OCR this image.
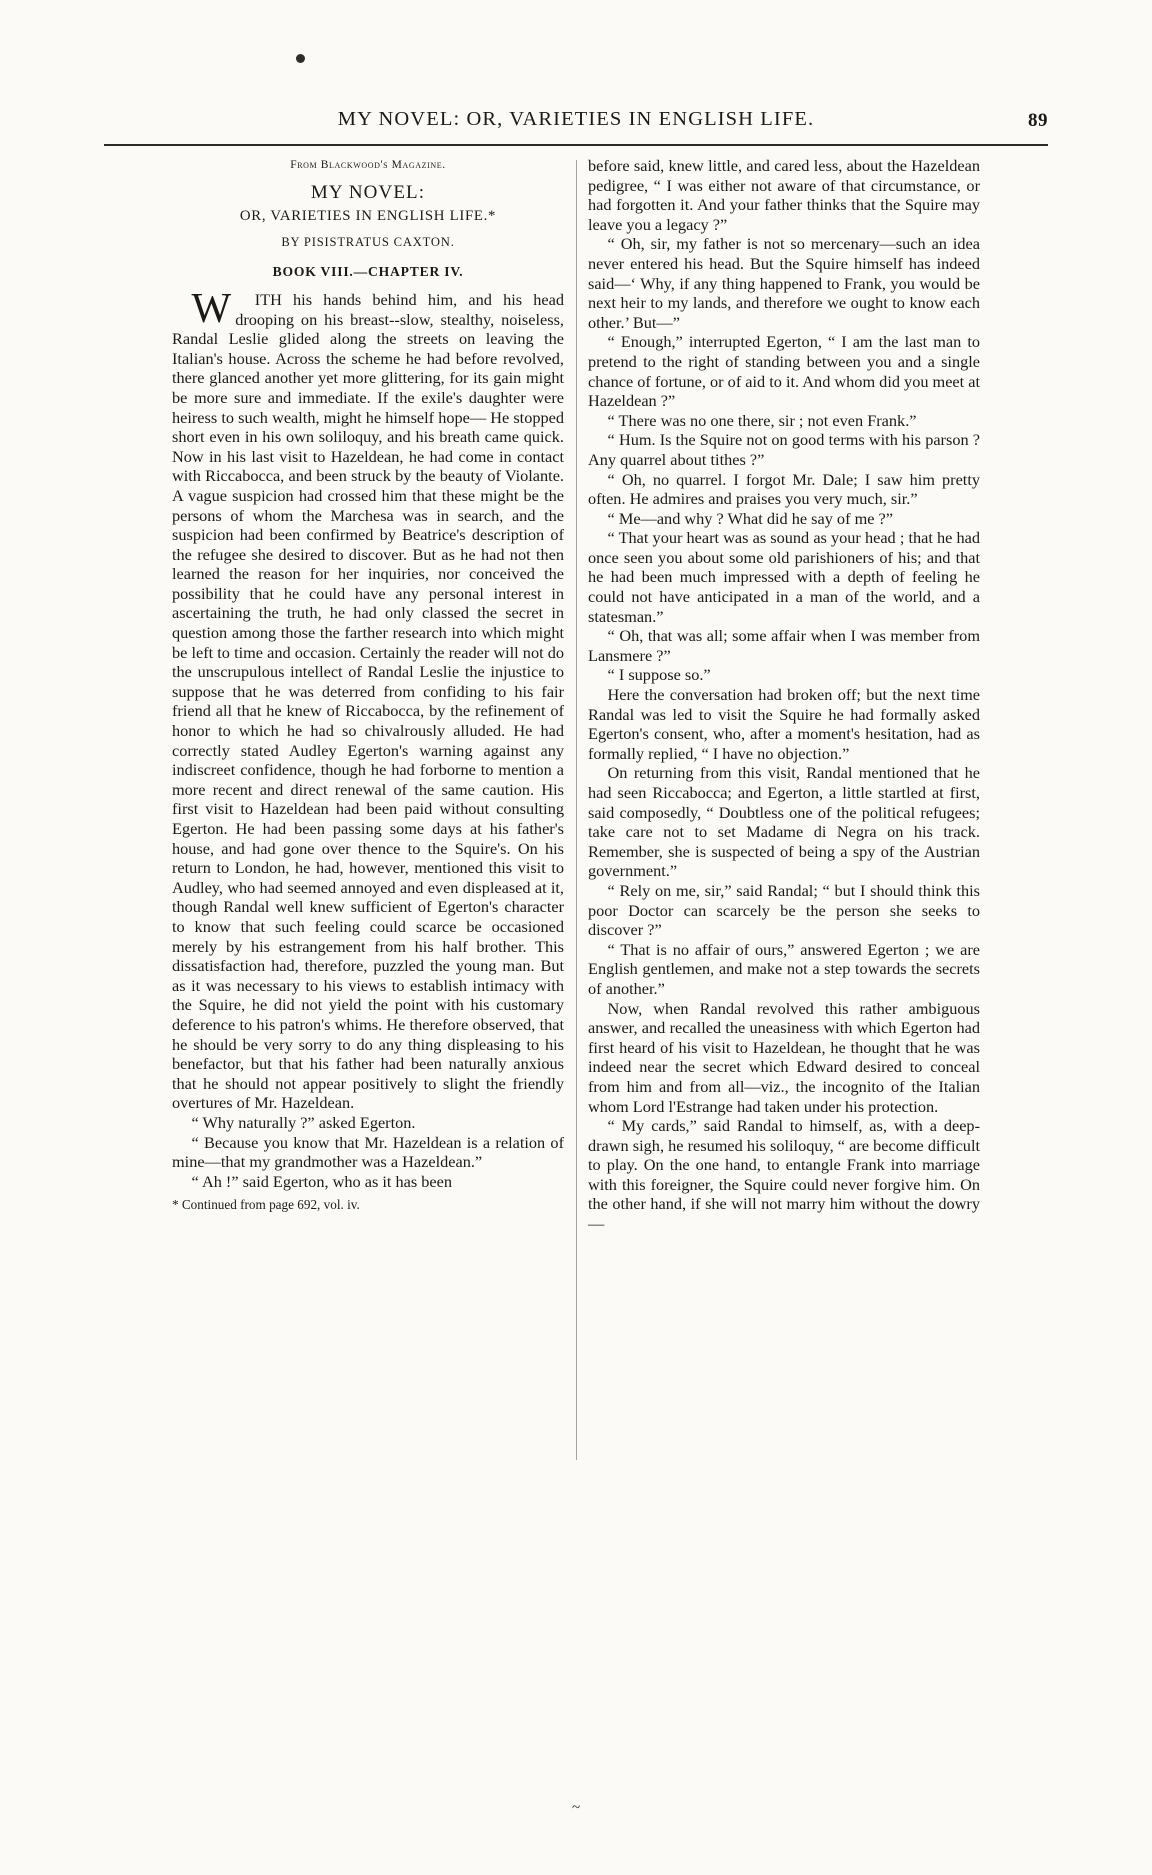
MY NOVEL: OR, VARIETIES IN ENGLISH LIFE.	89
From Blackwood's Magazine.
MY NOVEL:
OR, VARIETIES IN ENGLISH LIFE.*
BY PISISTRATUS CAXTON.
BOOK VIII.—CHAPTER IV.

W ITH his hands behind him, and his head drooping on his breast--slow, stealthy, noiseless, Randal Leslie glided along the streets on leaving the Italian's house. Across the scheme he had before revolved, there glanced another yet more glittering, for its gain might be more sure and immediate. If the exile's daughter were heiress to such wealth, might he himself hope— He stopped short even in his own soliloquy, and his breath came quick. Now in his last visit to Hazeldean, he had come in contact with Riccabocca, and been struck by the beauty of Violante. A vague suspicion had crossed him that these might be the persons of whom the Marchesa was in search, and the suspicion had been confirmed by Beatrice's description of the refugee she desired to discover. But as he had not then learned the reason for her inquiries, nor conceived the possibility that he could have any personal interest in ascertaining the truth, he had only classed the secret in question among those the farther research into which might be left to time and occasion. Certainly the reader will not do the unscrupulous intellect of Randal Leslie the injustice to suppose that he was deterred from confiding to his fair friend all that he knew of Riccabocca, by the refinement of honor to which he had so chivalrously alluded. He had correctly stated Audley Egerton's warning against any indiscreet confidence, though he had forborne to mention a more recent and direct renewal of the same caution. His first visit to Hazeldean had been paid without consulting Egerton. He had been passing some days at his father's house, and had gone over thence to the Squire's. On his return to London, he had, however, mentioned this visit to Audley, who had seemed annoyed and even displeased at it, though Randal well knew sufficient of Egerton's character to know that such feeling could scarce be occasioned merely by his estrangement from his half brother. This dissatisfaction had, therefore, puzzled the young man. But as it was necessary to his views to establish intimacy with the Squire, he did not yield the point with his customary deference to his patron's whims. He therefore observed, that he should be very sorry to do any thing displeasing to his benefactor, but that his father had been naturally anxious that he should not appear positively to slight the friendly overtures of Mr. Hazeldean.

“ Why naturally ?” asked Egerton.

“ Because you know that Mr. Hazeldean is a relation of mine—that my grandmother was a Hazeldean.”

“ Ah !” said Egerton, who as it has been

* Continued from page 692, vol. iv.

before said, knew little, and cared less, about the Hazeldean pedigree, “ I was either not aware of that circumstance, or had forgotten it. And your father thinks that the Squire may leave you a legacy ?”

“ Oh, sir, my father is not so mercenary—such an idea never entered his head. But the Squire himself has indeed said—‘ Why, if any thing happened to Frank, you would be next heir to my lands, and therefore we ought to know each other.’ But—”

“ Enough,” interrupted Egerton, “ I am the last man to pretend to the right of standing between you and a single chance of fortune, or of aid to it. And whom did you meet at Hazeldean ?”

“ There was no one there, sir ; not even Frank.”

“ Hum. Is the Squire not on good terms with his parson ? Any quarrel about tithes ?”

“ Oh, no quarrel. I forgot Mr. Dale; I saw him pretty often. He admires and praises you very much, sir.”

“ Me—and why ? What did he say of me ?”

“ That your heart was as sound as your head ; that he had once seen you about some old parishioners of his; and that he had been much impressed with a depth of feeling he could not have anticipated in a man of the world, and a statesman.”

“ Oh, that was all; some affair when I was member from Lansmere ?”

“ I suppose so.”

Here the conversation had broken off; but the next time Randal was led to visit the Squire he had formally asked Egerton's consent, who, after a moment's hesitation, had as formally replied, “ I have no objection.”

On returning from this visit, Randal mentioned that he had seen Riccabocca; and Egerton, a little startled at first, said composedly, “ Doubtless one of the political refugees; take care not to set Madame di Negra on his track. Remember, she is suspected of being a spy of the Austrian government.”

“ Rely on me, sir,” said Randal; “ but I should think this poor Doctor can scarcely be the person she seeks to discover ?”

“ That is no affair of ours,” answered Egerton ; we are English gentlemen, and make not a step towards the secrets of another.”

Now, when Randal revolved this rather ambiguous answer, and recalled the uneasiness with which Egerton had first heard of his visit to Hazeldean, he thought that he was indeed near the secret which Edward desired to conceal from him and from all—viz., the incognito of the Italian whom Lord l'Estrange had taken under his protection.

“ My cards,” said Randal to himself, as, with a deep-drawn sigh, he resumed his soliloquy, “ are become difficult to play. On the one hand, to entangle Frank into marriage with this foreigner, the Squire could never forgive him. On the other hand, if she will not marry him without the dowry—

~
